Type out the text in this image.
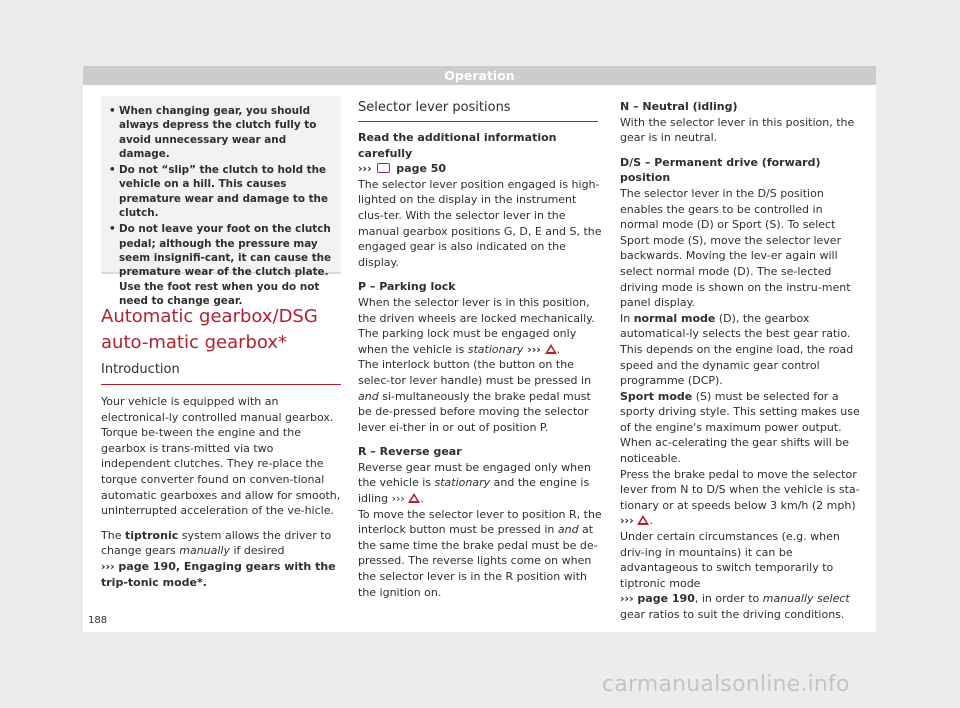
Operation
• When changing gear, you should always depress the clutch fully to avoid unnecessary wear and damage.
• Do not “slip” the clutch to hold the vehicle on a hill. This causes premature wear and damage to the clutch.
• Do not leave your foot on the clutch pedal; although the pressure may seem insignifi-cant, it can cause the premature wear of the clutch plate. Use the foot rest when you do not need to change gear.
Automatic gearbox/DSG auto-matic gearbox*
Introduction

Your vehicle is equipped with an electronical-ly controlled manual gearbox. Torque be-tween the engine and the gearbox is trans-mitted via two independent clutches. They re-place the torque converter found on conven-tional automatic gearboxes and allow for smooth, uninterrupted acceleration of the ve-hicle.

The tiptronic system allows the driver to change gears manually if desired
››› page 190, Engaging gears with the trip-tonic mode*.

Selector lever positions

Read the additional information carefully
›››  page 50

The selector lever position engaged is high-lighted on the display in the instrument clus-ter. With the selector lever in the manual gearbox positions G, D, E and S, the engaged gear is also indicated on the display.

P – Parking lock

When the selector lever is in this position, the driven wheels are locked mechanically. The parking lock must be engaged only when the vehicle is stationary ››› .

The interlock button (the button on the selec-tor lever handle) must be pressed in and si-multaneously the brake pedal must be de-pressed before moving the selector lever ei-ther in or out of position P.

R – Reverse gear

Reverse gear must be engaged only when the vehicle is stationary and the engine is idling ››› .

To move the selector lever to position R, the interlock button must be pressed in and at the same time the brake pedal must be de-pressed. The reverse lights come on when the selector lever is in the R position with the ignition on.

N – Neutral (idling)

With the selector lever in this position, the gear is in neutral.

D/S – Permanent drive (forward) position

The selector lever in the D/S position enables the gears to be controlled in normal mode (D) or Sport (S). To select Sport mode (S), move the selector lever backwards. Moving the lev-er again will select normal mode (D). The se-lected driving mode is shown on the instru-ment panel display.

In normal mode (D), the gearbox automatical-ly selects the best gear ratio. This depends on the engine load, the road speed and the dynamic gear control programme (DCP).

Sport mode (S) must be selected for a sporty driving style. This setting makes use of the engine's maximum power output. When ac-celerating the gear shifts will be noticeable.

Press the brake pedal to move the selector lever from N to D/S when the vehicle is sta-tionary or at speeds below 3 km/h (2 mph)
››› .

Under certain circumstances (e.g. when driv-ing in mountains) it can be advantageous to switch temporarily to tiptronic mode
››› page 190, in order to manually select gear ratios to suit the driving conditions.

188
carmanualsonline.info
